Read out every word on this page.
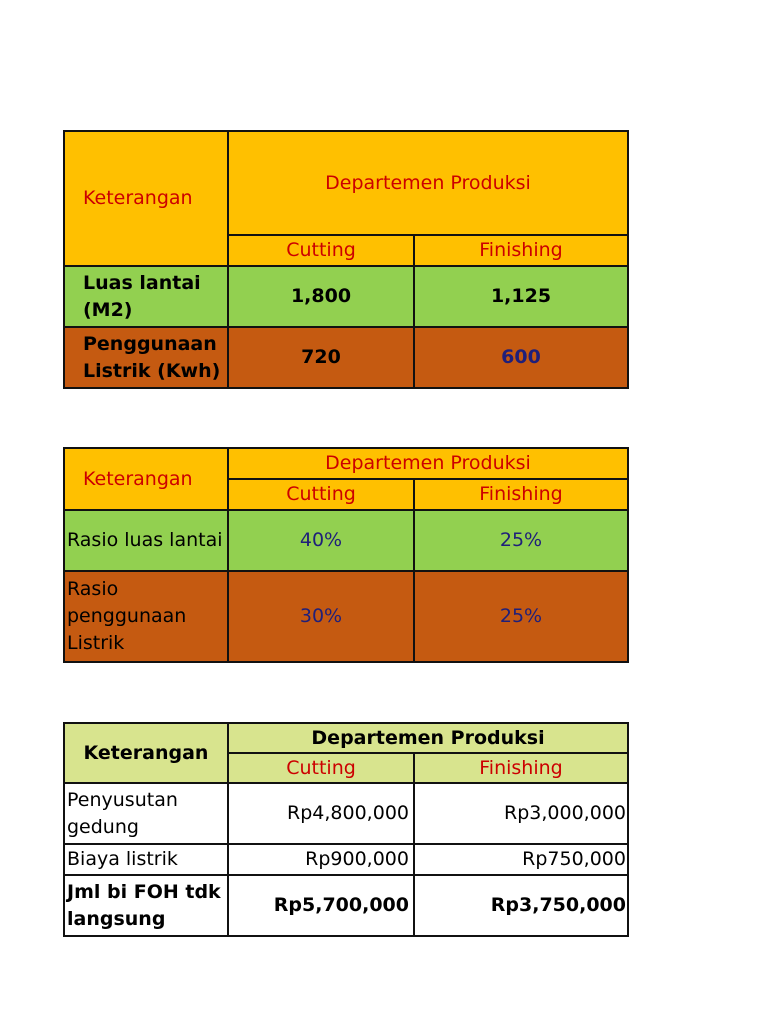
Keterangan	Departemen Produksi	
	Cutting	Finishing
Luas lantai (M2)	1,800	1,125
Penggunaan Listrik (Kwh)	720	600
Keterangan	Departemen Produksi	
	Cutting	Finishing
Rasio luas lantai	40%	25%
Rasio penggunaan Listrik	30%	25%
Keterangan	Departemen Produksi	
	Cutting	Finishing
Penyusutan gedung	Rp4,800,000	Rp3,000,000
Biaya listrik	Rp900,000	Rp750,000
Jml bi FOH tdk langsung	Rp5,700,000	Rp3,750,000
